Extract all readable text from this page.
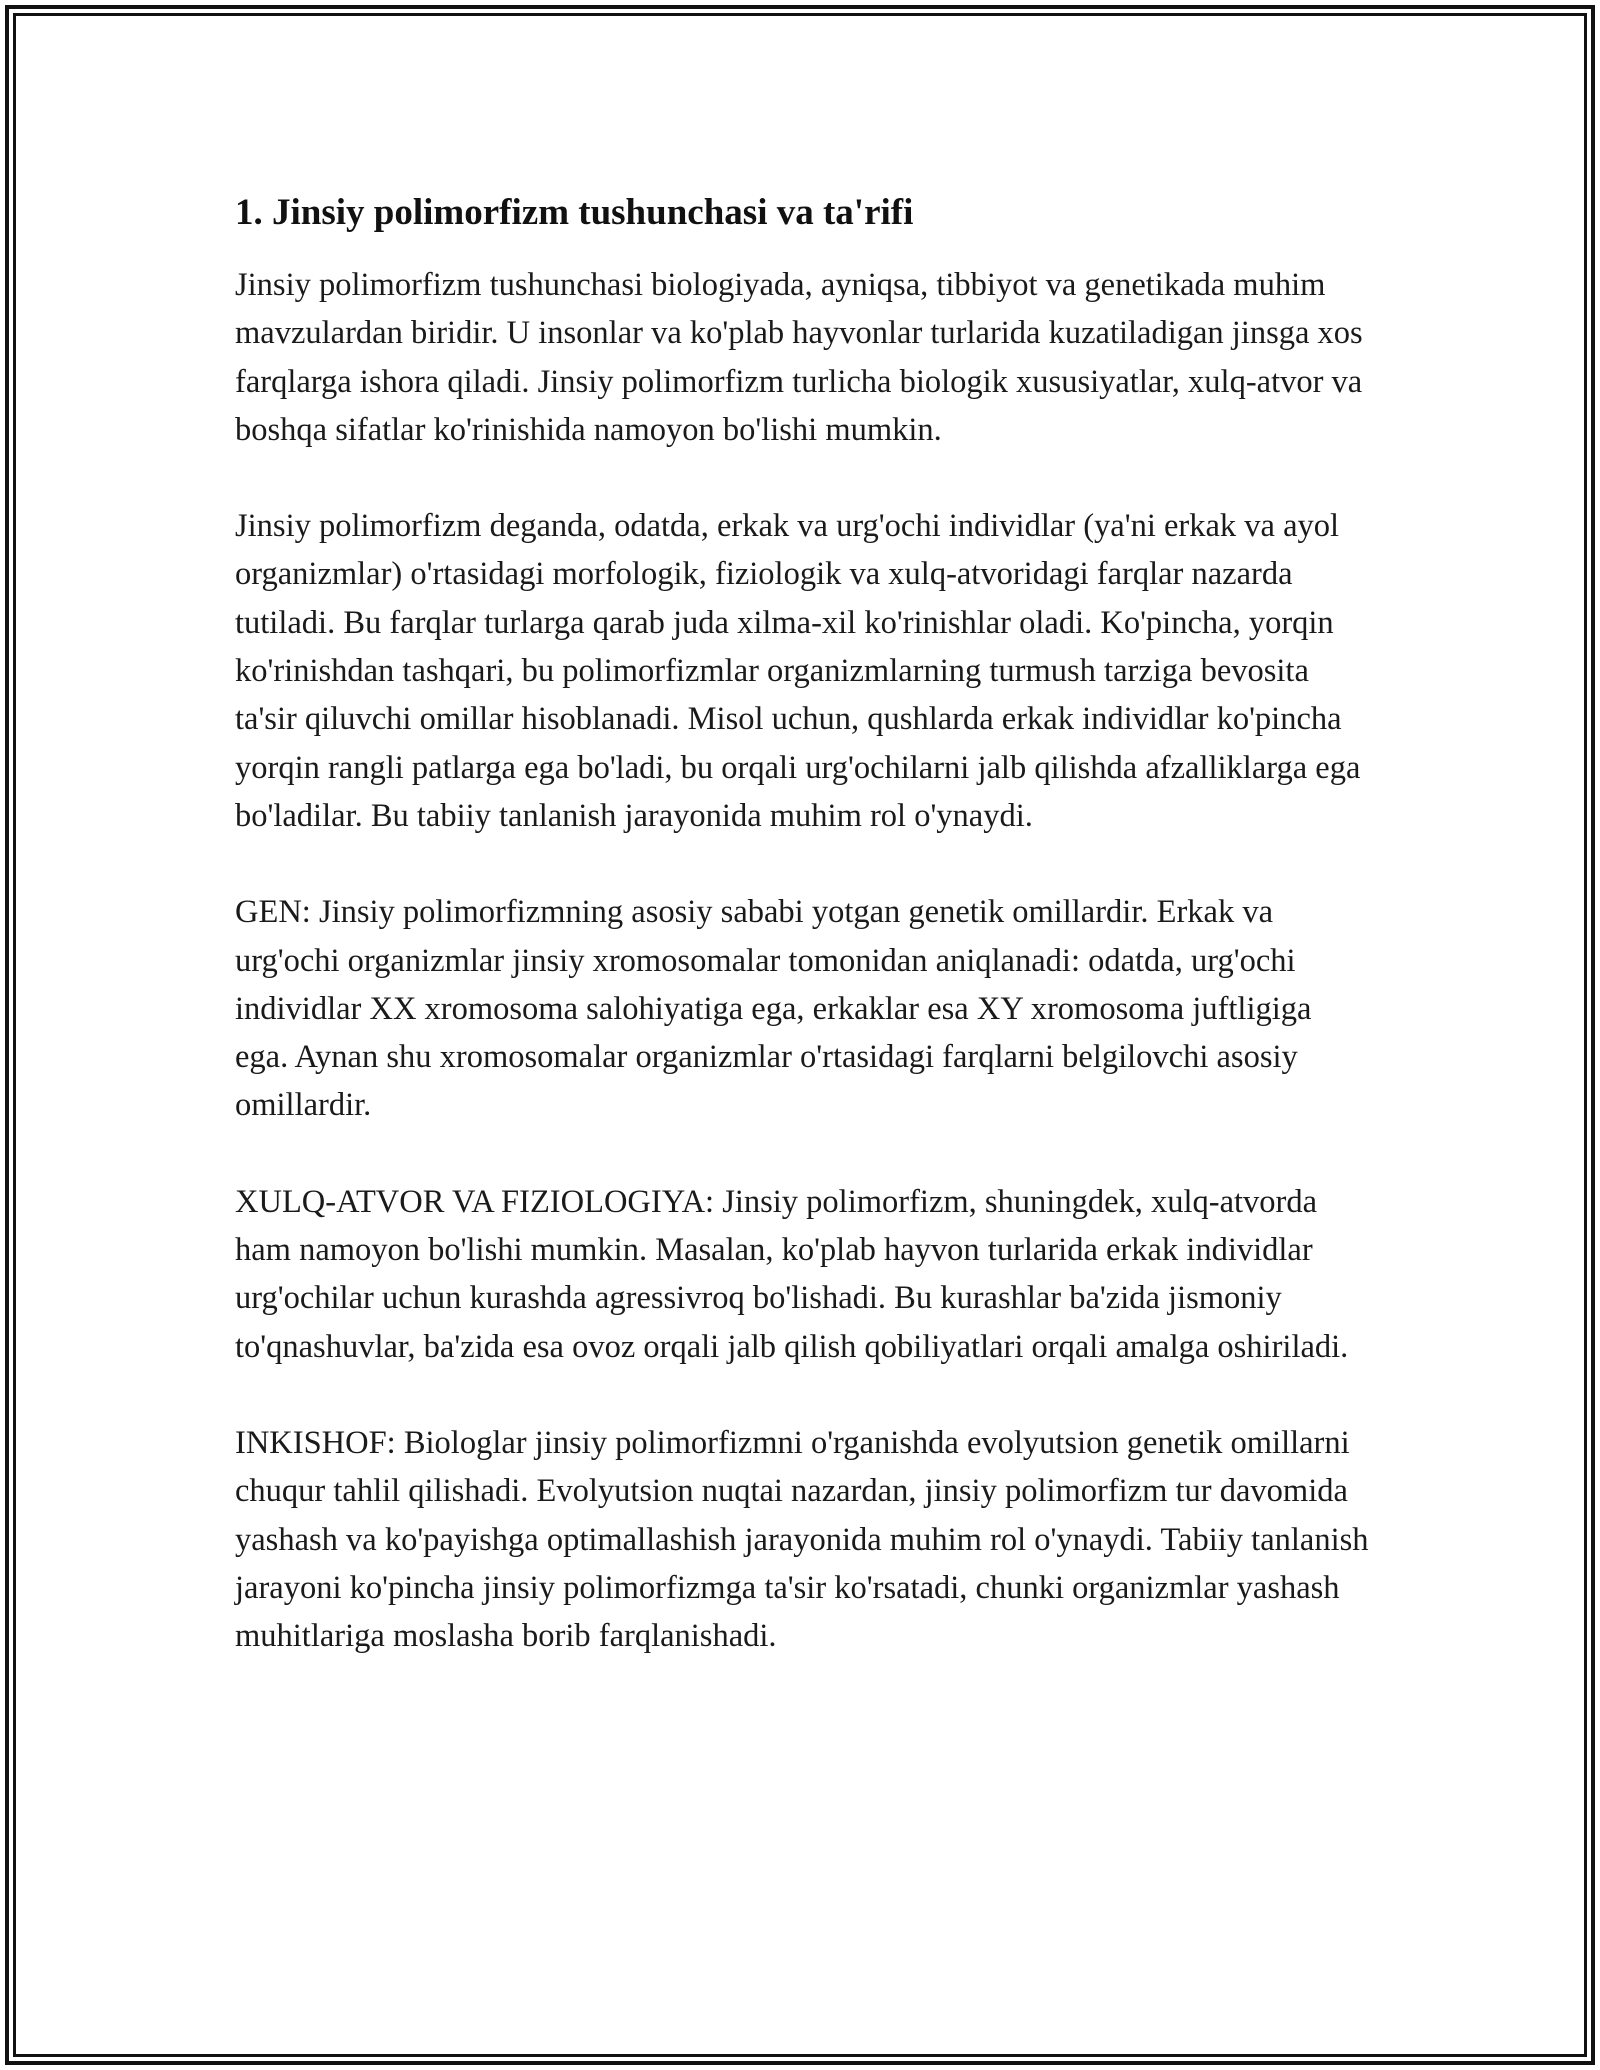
1. Jinsiy polimorfizm tushunchasi va ta'rifi

Jinsiy polimorfizm tushunchasi biologiyada, ayniqsa, tibbiyot va genetikada muhim mavzulardan biridir. U insonlar va ko'plab hayvonlar turlarida kuzatiladigan jinsga xos farqlarga ishora qiladi. Jinsiy polimorfizm turlicha biologik xususiyatlar, xulq-atvor va boshqa sifatlar ko'rinishida namoyon bo'lishi mumkin.

Jinsiy polimorfizm deganda, odatda, erkak va urg'ochi individlar (ya'ni erkak va ayol organizmlar) o'rtasidagi morfologik, fiziologik va xulq-atvoridagi farqlar nazarda tutiladi. Bu farqlar turlarga qarab juda xilma-xil ko'rinishlar oladi. Ko'pincha, yorqin ko'rinishdan tashqari, bu polimorfizmlar organizmlarning turmush tarziga bevosita ta'sir qiluvchi omillar hisoblanadi. Misol uchun, qushlarda erkak individlar ko'pincha yorqin rangli patlarga ega bo'ladi, bu orqali urg'ochilarni jalb qilishda afzalliklarga ega bo'ladilar. Bu tabiiy tanlanish jarayonida muhim rol o'ynaydi.

GEN: Jinsiy polimorfizmning asosiy sababi yotgan genetik omillardir. Erkak va urg'ochi organizmlar jinsiy xromosomalar tomonidan aniqlanadi: odatda, urg'ochi individlar XX xromosoma salohiyatiga ega, erkaklar esa XY xromosoma juftligiga ega. Aynan shu xromosomalar organizmlar o'rtasidagi farqlarni belgilovchi asosiy omillardir.

XULQ-ATVOR VA FIZIOLOGIYA: Jinsiy polimorfizm, shuningdek, xulq-atvorda ham namoyon bo'lishi mumkin. Masalan, ko'plab hayvon turlarida erkak individlar urg'ochilar uchun kurashda agressivroq bo'lishadi. Bu kurashlar ba'zida jismoniy to'qnashuvlar, ba'zida esa ovoz orqali jalb qilish qobiliyatlari orqali amalga oshiriladi.

INKISHOF: Biologlar jinsiy polimorfizmni o'rganishda evolyutsion genetik omillarni chuqur tahlil qilishadi. Evolyutsion nuqtai nazardan, jinsiy polimorfizm tur davomida yashash va ko'payishga optimallashish jarayonida muhim rol o'ynaydi. Tabiiy tanlanish jarayoni ko'pincha jinsiy polimorfizmga ta'sir ko'rsatadi, chunki organizmlar yashash muhitlariga moslasha borib farqlanishadi.
